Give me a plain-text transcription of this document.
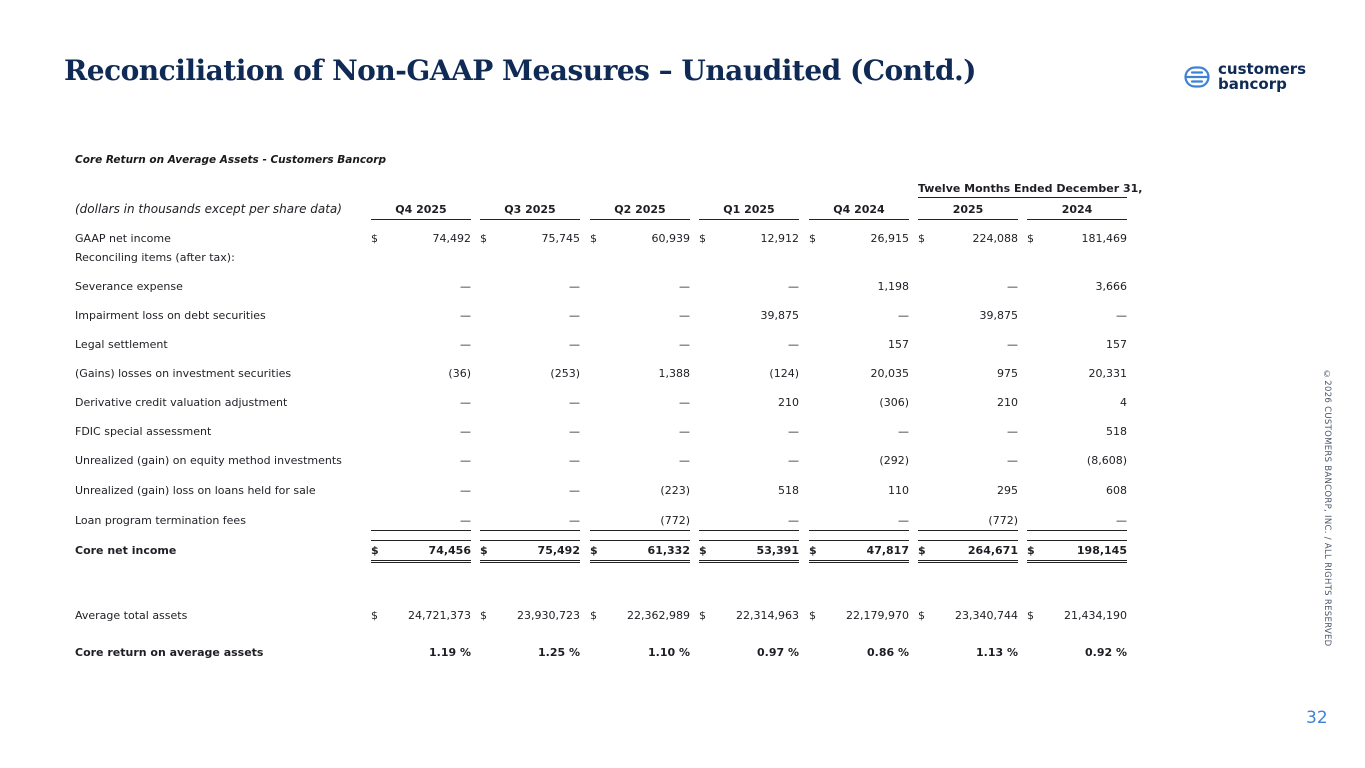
Reconciliation of Non-GAAP Measures – Unaudited (Contd.)	customers
bancorp
©2026 CUSTOMERS BANCORP, INC. / ALL RIGHTS RESERVED
32
Core Return on Average Assets - Customers Bancorp
Twelve Months Ended December 31,
(dollars in thousands except per share data)	Q4 2025	Q3 2025	Q2 2025	Q1 2025	Q4 2024	2025	2024
GAAP net income	$	74,492 $	75,745 $	60,939 $	12,912 $	26,915 $	224,088 $	181,469
Reconciling items (after tax):
Severance expense	—	—	—	—	1,198	—	3,666
Impairment loss on debt securities	—	—	—	39,875	—	39,875	—
Legal settlement	—	—	—	—	157	—	157
(Gains) losses on investment securities	(36)	(253)	1,388	(124)	20,035	975	20,331
Derivative credit valuation adjustment	—	—	—	210	(306)	210	4
FDIC special assessment	—	—	—	—	—	—	518
Unrealized (gain) on equity method investments	—	—	—	—	(292)	—	(8,608)
Unrealized (gain) loss on loans held for sale	—	—	(223)	518	110	295	608
Loan program termination fees	—	—	(772)	—	—	(772)	—
Core net income	$	74,456 $	75,492 $	61,332 $	53,391 $	47,817 $	264,671 $	198,145
Average total assets	$	24,721,373 $	23,930,723 $	22,362,989 $	22,314,963 $	22,179,970 $	23,340,744 $	21,434,190
Core return on average assets	1.19 %	1.25 %	1.10 %	0.97 %	0.86 %	1.13 %	0.92 %
